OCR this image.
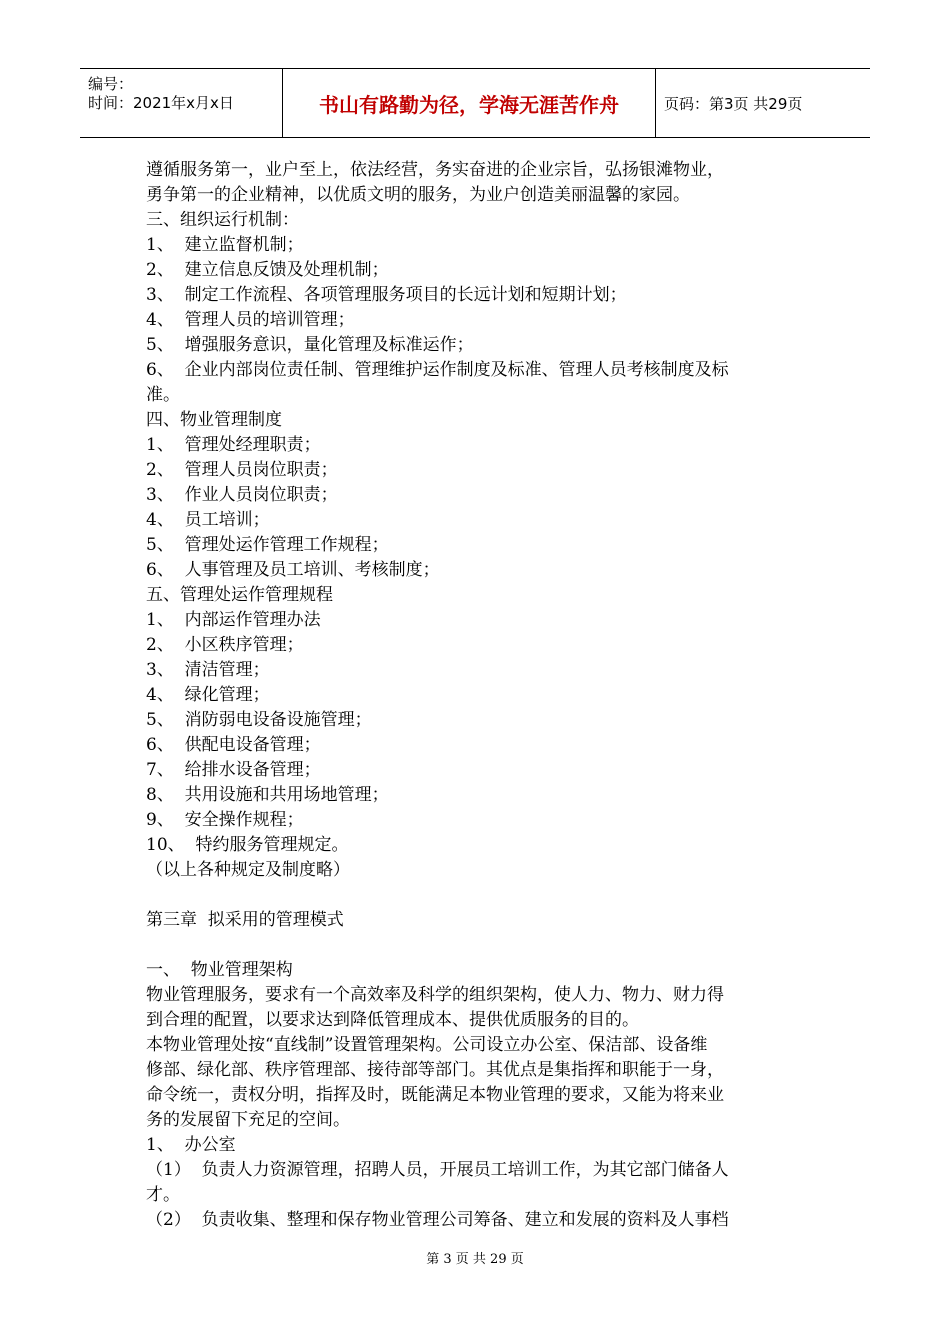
编号：
时间：2021年x月x日	书山有路勤为径，学海无涯苦作舟	页码：第3页 共29页
遵循服务第一，业户至上，依法经营，务实奋进的企业宗旨，弘扬银滩物业，
勇争第一的企业精神，以优质文明的服务，为业户创造美丽温馨的家园。
三、组织运行机制：
1、  建立监督机制；
2、  建立信息反馈及处理机制；
3、  制定工作流程、各项管理服务项目的长远计划和短期计划；
4、  管理人员的培训管理；
5、  增强服务意识，量化管理及标准运作；
6、  企业内部岗位责任制、管理维护运作制度及标准、管理人员考核制度及标
准。
四、物业管理制度
1、  管理处经理职责；
2、  管理人员岗位职责；
3、  作业人员岗位职责；
4、  员工培训；
5、  管理处运作管理工作规程；
6、  人事管理及员工培训、考核制度；
五、管理处运作管理规程
1、  内部运作管理办法
2、  小区秩序管理；
3、  清洁管理；
4、  绿化管理；
5、  消防弱电设备设施管理；
6、  供配电设备管理；
7、  给排水设备管理；
8、  共用设施和共用场地管理；
9、  安全操作规程；
10、  特约服务管理规定。
（以上各种规定及制度略）
第三章  拟采用的管理模式
一、  物业管理架构
物业管理服务，要求有一个高效率及科学的组织架构，使人力、物力、财力得
到合理的配置，以要求达到降低管理成本、提供优质服务的目的。
本物业管理处按“直线制”设置管理架构。公司设立办公室、保洁部、设备维
修部、绿化部、秩序管理部、接待部等部门。其优点是集指挥和职能于一身，
命令统一，责权分明，指挥及时，既能满足本物业管理的要求，又能为将来业
务的发展留下充足的空间。
1、  办公室
（1）  负责人力资源管理，招聘人员，开展员工培训工作，为其它部门储备人
才。
（2）  负责收集、整理和保存物业管理公司筹备、建立和发展的资料及人事档
第 3 页 共 29 页
